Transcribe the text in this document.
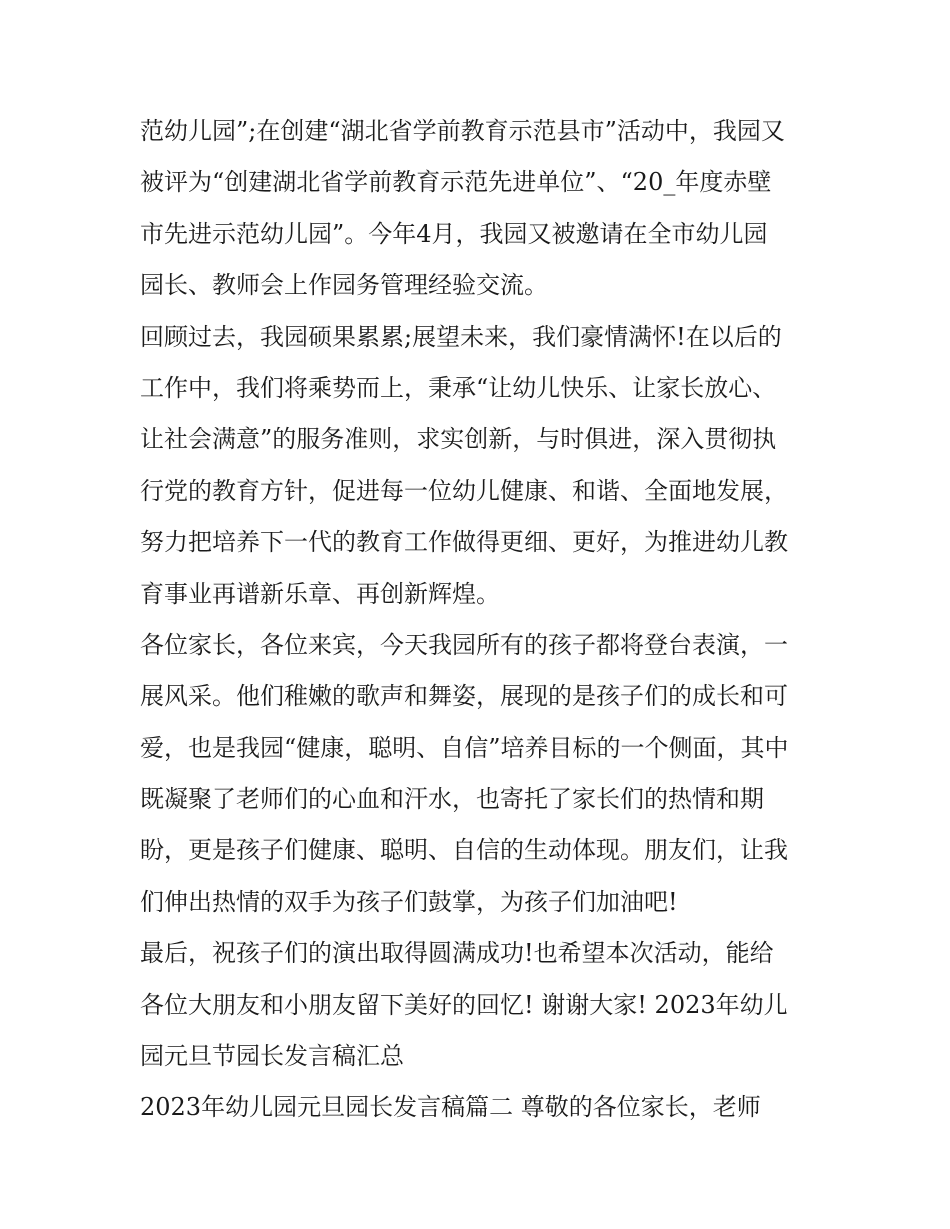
范幼儿园”;在创建“湖北省学前教育示范县市”活动中，我园又
被评为“创建湖北省学前教育示范先进单位”、“20_年度赤壁
市先进示范幼儿园”。今年4月，我园又被邀请在全市幼儿园
园长、教师会上作园务管理经验交流。
回顾过去，我园硕果累累;展望未来，我们豪情满怀!在以后的
工作中，我们将乘势而上，秉承“让幼儿快乐、让家长放心、
让社会满意”的服务准则，求实创新，与时俱进，深入贯彻执
行党的教育方针，促进每一位幼儿健康、和谐、全面地发展，
努力把培养下一代的教育工作做得更细、更好，为推进幼儿教
育事业再谱新乐章、再创新辉煌。
各位家长，各位来宾，今天我园所有的孩子都将登台表演，一
展风采。他们稚嫩的歌声和舞姿，展现的是孩子们的成长和可
爱，也是我园“健康，聪明、自信”培养目标的一个侧面，其中
既凝聚了老师们的心血和汗水，也寄托了家长们的热情和期
盼，更是孩子们健康、聪明、自信的生动体现。朋友们，让我
们伸出热情的双手为孩子们鼓掌，为孩子们加油吧!
最后，祝孩子们的演出取得圆满成功!也希望本次活动，能给
各位大朋友和小朋友留下美好的回忆! 谢谢大家! 2023年幼儿
园元旦节园长发言稿汇总
2023年幼儿园元旦园长发言稿篇二 尊敬的各位家长，老师
